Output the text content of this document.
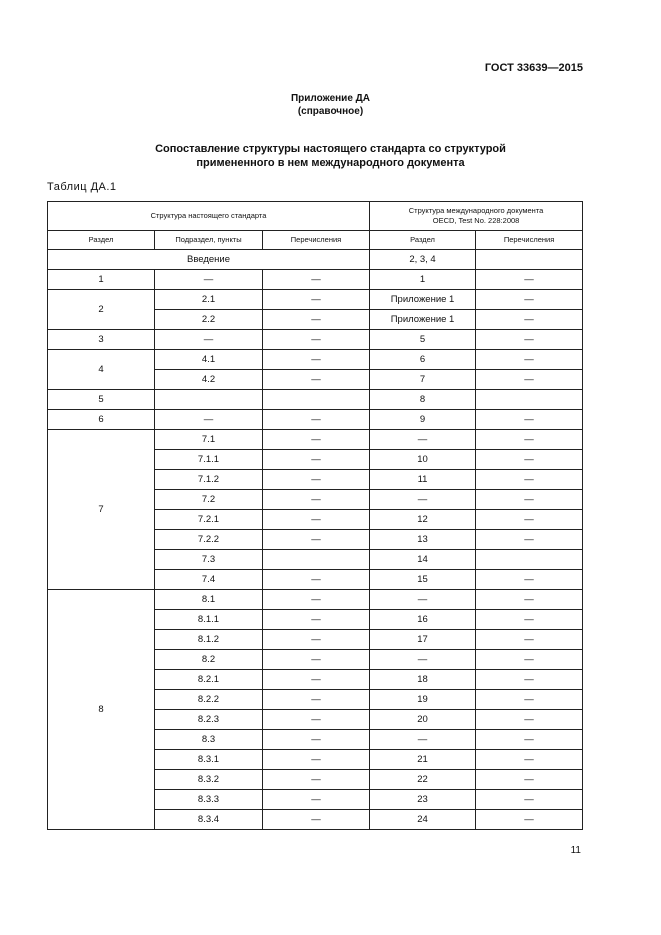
ГОСТ 33639—2015
Приложение ДА
(справочное)
Сопоставление структуры настоящего стандарта со структурой
примененного в нем международного документа
Таблиц ДА.1
Структура настоящего стандарта			Структура международного документа
OECD, Test No. 228:2008	

Раздел	Подраздел, пункты	Перечисления	Раздел	Перечисления
Введение			2, 3, 4	
1	—	—	1	—
2	2.1	—	Приложение 1	—
	2.2	—	Приложение 1	—
3	—	—	5	—
4	4.1	—	6	—
	4.2	—	7	—
5			8	
6	—	—	9	—
7	7.1	—	—	—
	7.1.1	—	10	—
	7.1.2	—	11	—
	7.2	—	—	—
	7.2.1	—	12	—
	7.2.2	—	13	—
	7.3		14	
	7.4	—	15	—
8	8.1	—	—	—
	8.1.1	—	16	—
	8.1.2	—	17	—
	8.2	—	—	—
	8.2.1	—	18	—
	8.2.2	—	19	—
	8.2.3	—	20	—
	8.3	—	—	—
	8.3.1	—	21	—
	8.3.2	—	22	—
	8.3.3	—	23	—
	8.3.4	—	24	—
11
